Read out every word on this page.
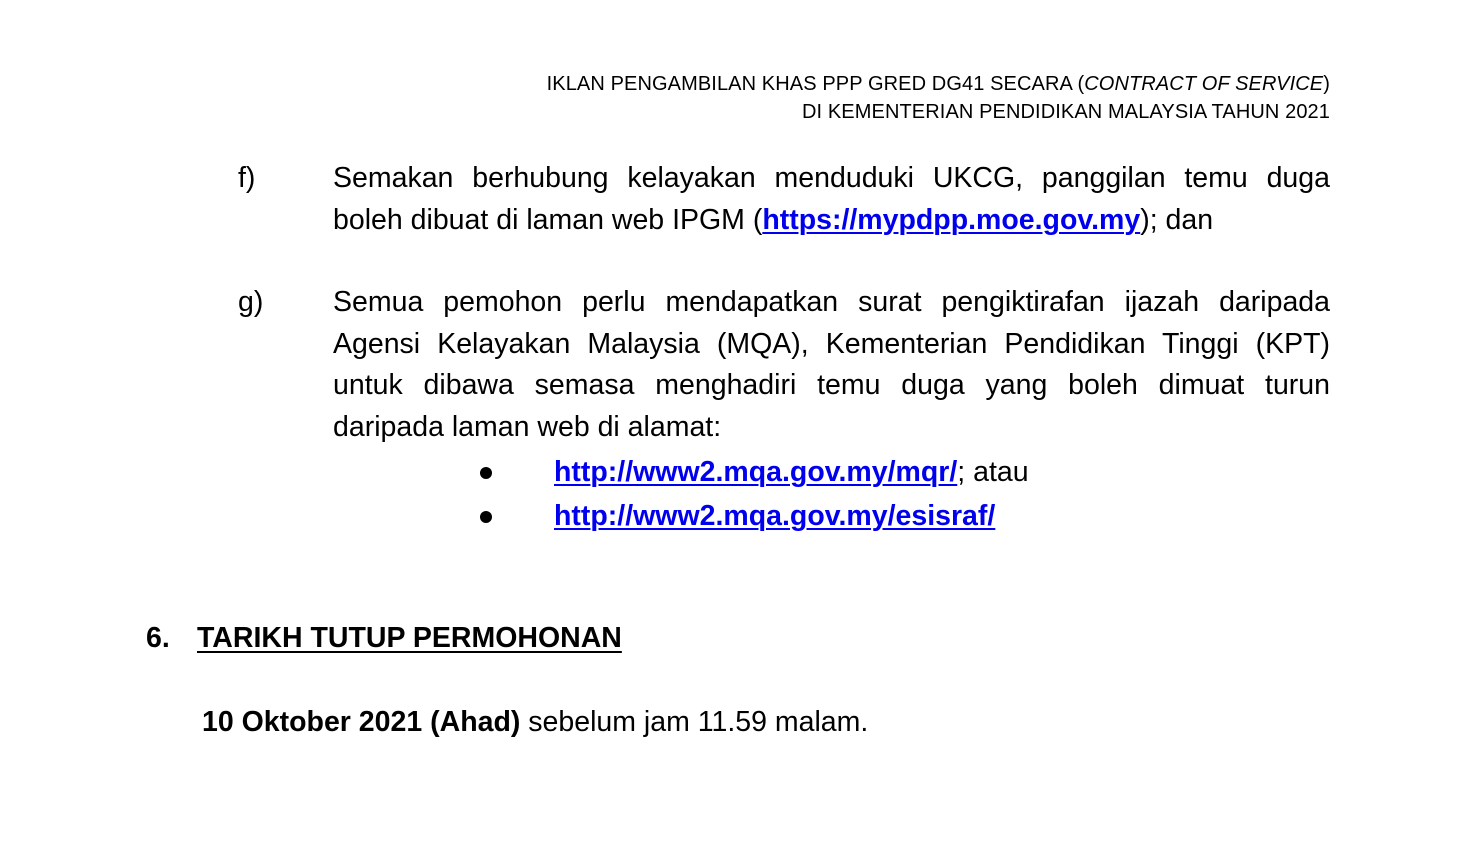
IKLAN PENGAMBILAN KHAS PPP GRED DG41 SECARA (CONTRACT OF SERVICE)
DI KEMENTERIAN PENDIDIKAN MALAYSIA TAHUN 2021
f)	Semakan berhubung kelayakan menduduki UKCG, panggilan temu duga boleh dibuat di laman web IPGM (https://mypdpp.moe.gov.my); dan
g) Semua pemohon perlu mendapatkan surat pengiktirafan ijazah daripada Agensi Kelayakan Malaysia (MQA), Kementerian Pendidikan Tinggi (KPT) untuk dibawa semasa menghadiri temu duga yang boleh dimuat turun daripada laman web di alamat:
http://www2.mqa.gov.my/mqr/; atau
http://www2.mqa.gov.my/esisraf/
6. TARIKH TUTUP PERMOHONAN
10 Oktober 2021 (Ahad) sebelum jam 11.59 malam.
